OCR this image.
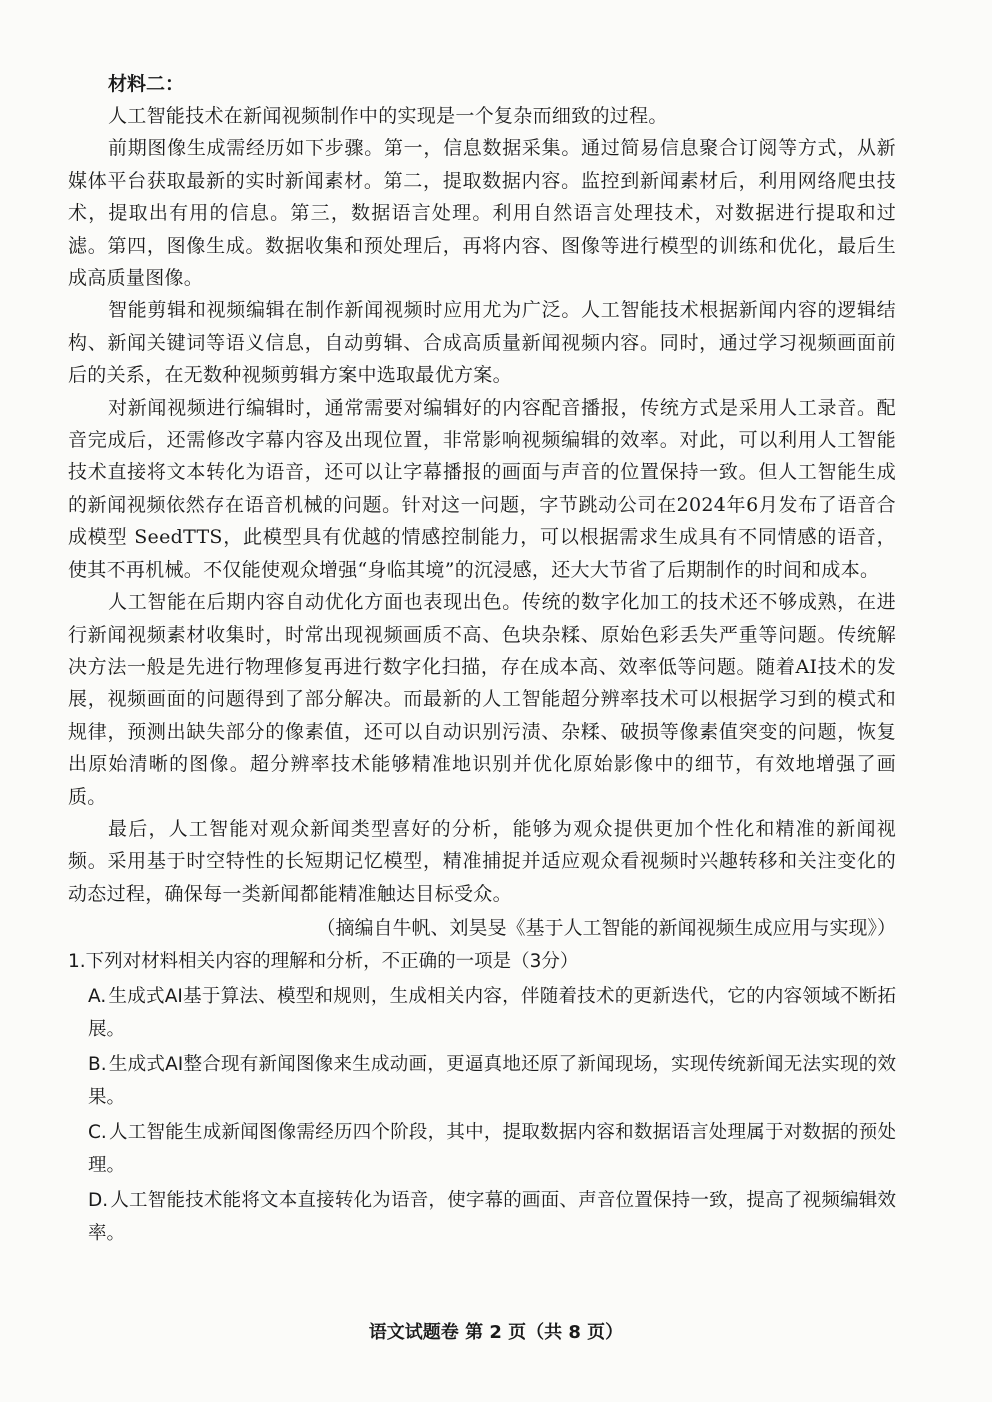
材料二：

人工智能技术在新闻视频制作中的实现是一个复杂而细致的过程。

前期图像生成需经历如下步骤。第一，信息数据采集。通过简易信息聚合订阅等方式，从新媒体平台获取最新的实时新闻素材。第二，提取数据内容。监控到新闻素材后，利用网络爬虫技术，提取出有用的信息。第三，数据语言处理。利用自然语言处理技术，对数据进行提取和过滤。第四，图像生成。数据收集和预处理后，再将内容、图像等进行模型的训练和优化，最后生成高质量图像。

智能剪辑和视频编辑在制作新闻视频时应用尤为广泛。人工智能技术根据新闻内容的逻辑结构、新闻关键词等语义信息，自动剪辑、合成高质量新闻视频内容。同时，通过学习视频画面前后的关系，在无数种视频剪辑方案中选取最优方案。

对新闻视频进行编辑时，通常需要对编辑好的内容配音播报，传统方式是采用人工录音。配音完成后，还需修改字幕内容及出现位置，非常影响视频编辑的效率。对此，可以利用人工智能技术直接将文本转化为语音，还可以让字幕播报的画面与声音的位置保持一致。但人工智能生成的新闻视频依然存在语音机械的问题。针对这一问题，字节跳动公司在2024年6月发布了语音合成模型 SeedTTS，此模型具有优越的情感控制能力，可以根据需求生成具有不同情感的语音，使其不再机械。不仅能使观众增强“身临其境”的沉浸感，还大大节省了后期制作的时间和成本。

人工智能在后期内容自动优化方面也表现出色。传统的数字化加工的技术还不够成熟，在进行新闻视频素材收集时，时常出现视频画质不高、色块杂糅、原始色彩丢失严重等问题。传统解决方法一般是先进行物理修复再进行数字化扫描，存在成本高、效率低等问题。随着AI技术的发展，视频画面的问题得到了部分解决。而最新的人工智能超分辨率技术可以根据学习到的模式和规律，预测出缺失部分的像素值，还可以自动识别污渍、杂糅、破损等像素值突变的问题，恢复出原始清晰的图像。超分辨率技术能够精准地识别并优化原始影像中的细节，有效地增强了画质。

最后，人工智能对观众新闻类型喜好的分析，能够为观众提供更加个性化和精准的新闻视频。采用基于时空特性的长短期记忆模型，精准捕捉并适应观众看视频时兴趣转移和关注变化的动态过程，确保每一类新闻都能精准触达目标受众。

（摘编自牛帆、刘昊旻《基于人工智能的新闻视频生成应用与实现》）

1.下列对材料相关内容的理解和分析，不正确的一项是（3分）

A. 生成式AI基于算法、模型和规则，生成相关内容，伴随着技术的更新迭代，它的内容领域不断拓展。
B. 生成式AI整合现有新闻图像来生成动画，更逼真地还原了新闻现场，实现传统新闻无法实现的效果。
C. 人工智能生成新闻图像需经历四个阶段，其中，提取数据内容和数据语言处理属于对数据的预处理。
D. 人工智能技术能将文本直接转化为语音，使字幕的画面、声音位置保持一致，提高了视频编辑效率。
语文试题卷 第 2 页（共 8 页）
